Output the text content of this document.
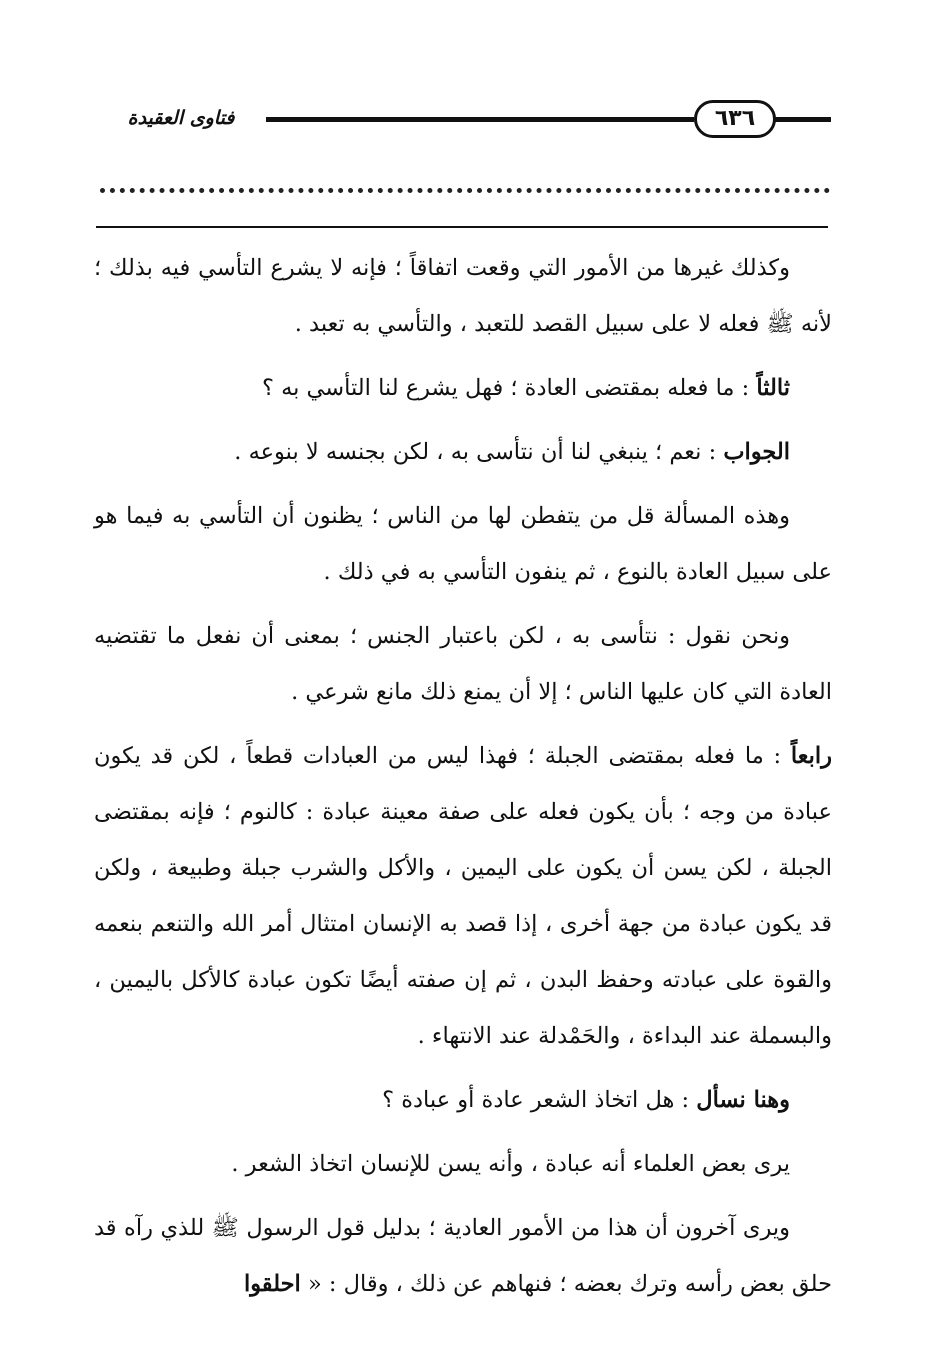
فتاوى العقيدة	٦٣٦

وكذلك غيرها من الأمور التي وقعت اتفاقاً ؛ فإنه لا يشرع التأسي فيه بذلك ؛ لأنه ﷺ فعله لا على سبيل القصد للتعبد ، والتأسي به تعبد .

ثالثاً : ما فعله بمقتضى العادة ؛ فهل يشرع لنا التأسي به ؟

الجواب : نعم ؛ ينبغي لنا أن نتأسى به ، لكن بجنسه لا بنوعه .

وهذه المسألة قل من يتفطن لها من الناس ؛ يظنون أن التأسي به فيما هو على سبيل العادة بالنوع ، ثم ينفون التأسي به في ذلك .

ونحن نقول : نتأسى به ، لكن باعتبار الجنس ؛ بمعنى أن نفعل ما تقتضيه العادة التي كان عليها الناس ؛ إلا أن يمنع ذلك مانع شرعي .

رابعاً : ما فعله بمقتضى الجبلة ؛ فهذا ليس من العبادات قطعاً ، لكن قد يكون عبادة من وجه ؛ بأن يكون فعله على صفة معينة عبادة : كالنوم ؛ فإنه بمقتضى الجبلة ، لكن يسن أن يكون على اليمين ، والأكل والشرب جبلة وطبيعة ، ولكن قد يكون عبادة من جهة أخرى ، إذا قصد به الإنسان امتثال أمر الله والتنعم بنعمه والقوة على عبادته وحفظ البدن ، ثم إن صفته أيضًا تكون عبادة كالأكل باليمين ، والبسملة عند البداءة ، والحَمْدلة عند الانتهاء .

وهنا نسأل : هل اتخاذ الشعر عادة أو عبادة ؟

يرى بعض العلماء أنه عبادة ، وأنه يسن للإنسان اتخاذ الشعر .

ويرى آخرون أن هذا من الأمور العادية ؛ بدليل قول الرسول ﷺ للذي رآه قد حلق بعض رأسه وترك بعضه ؛ فنهاهم عن ذلك ، وقال : « احلقوا
